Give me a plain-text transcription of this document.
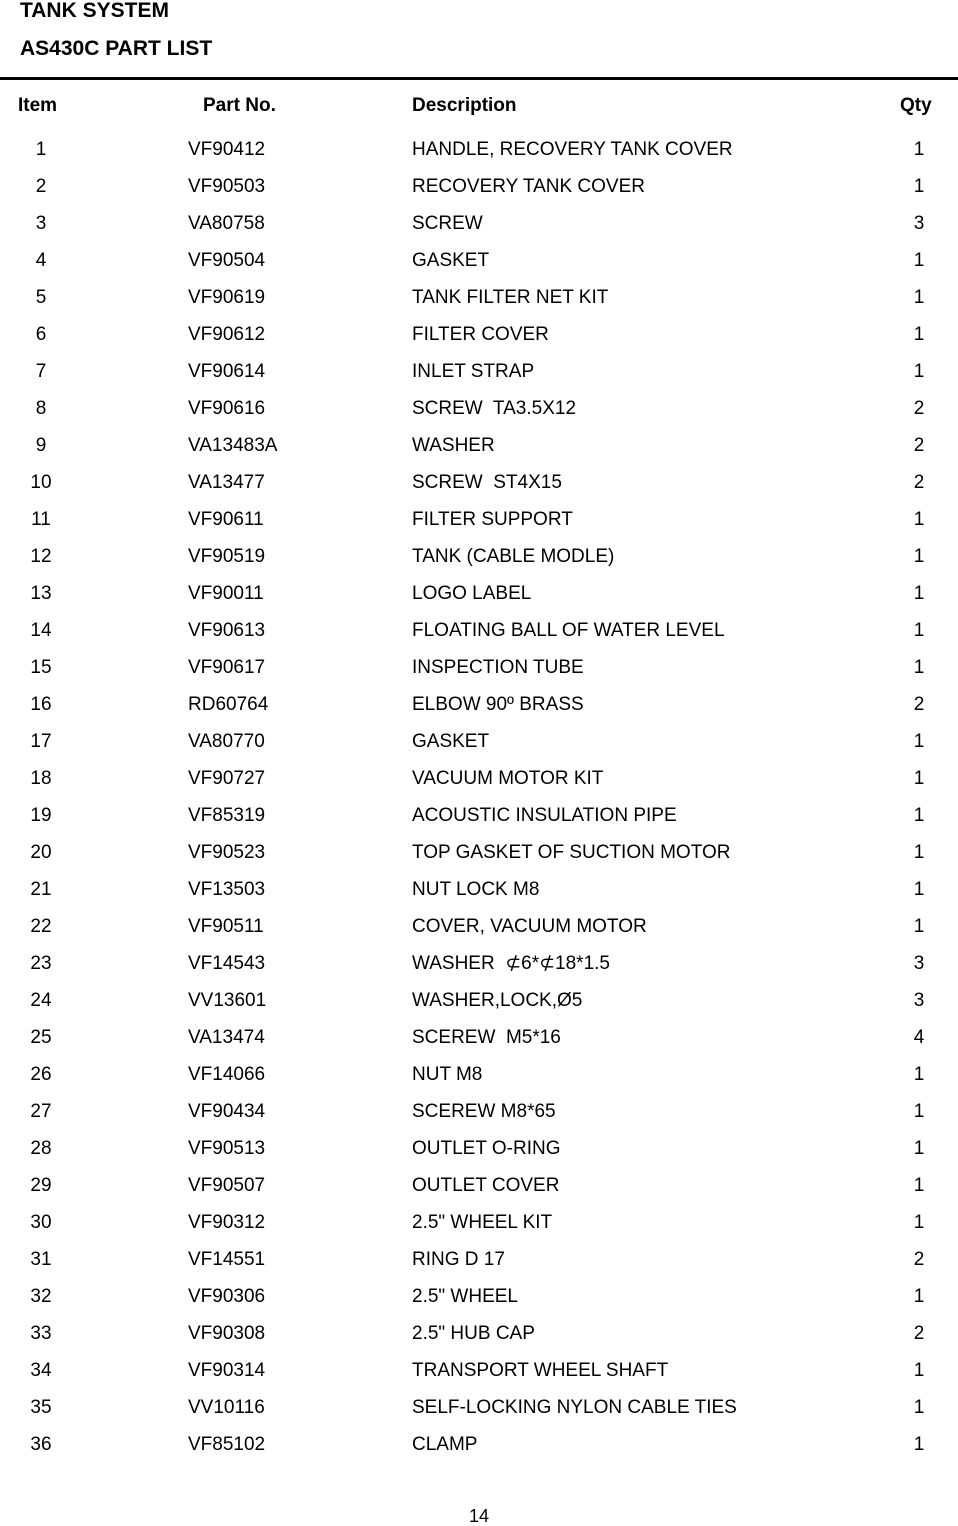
TANK SYSTEM
AS430C PART LIST
Item	Part No.	Description	Qty
1	VF90412	HANDLE, RECOVERY TANK COVER	1
2	VF90503	RECOVERY TANK COVER	1
3	VA80758	SCREW	3
4	VF90504	GASKET	1
5	VF90619	TANK FILTER NET KIT	1
6	VF90612	FILTER COVER	1
7	VF90614	INLET STRAP	1
8	VF90616	SCREW  TA3.5X12	2
9	VA13483A	WASHER	2
10	VA13477	SCREW  ST4X15	2
11	VF90611	FILTER SUPPORT	1
12	VF90519	TANK (CABLE MODLE)	1
13	VF90011	LOGO LABEL	1
14	VF90613	FLOATING BALL OF WATER LEVEL	1
15	VF90617	INSPECTION TUBE	1
16	RD60764	ELBOW 90º BRASS	2
17	VA80770	GASKET	1
18	VF90727	VACUUM MOTOR KIT	1
19	VF85319	ACOUSTIC INSULATION PIPE	1
20	VF90523	TOP GASKET OF SUCTION MOTOR	1
21	VF13503	NUT LOCK M8	1
22	VF90511	COVER, VACUUM MOTOR	1
23	VF14543	WASHER  ⊄6*⊄18*1.5	3
24	VV13601	WASHER,LOCK,Ø5	3
25	VA13474	SCEREW  M5*16	4
26	VF14066	NUT M8	1
27	VF90434	SCEREW M8*65	1
28	VF90513	OUTLET O-RING	1
29	VF90507	OUTLET COVER	1
30	VF90312	2.5" WHEEL KIT	1
31	VF14551	RING D 17	2
32	VF90306	2.5" WHEEL	1
33	VF90308	2.5" HUB CAP	2
34	VF90314	TRANSPORT WHEEL SHAFT	1
35	VV10116	SELF-LOCKING NYLON CABLE TIES	1
36	VF85102	CLAMP	1
14
